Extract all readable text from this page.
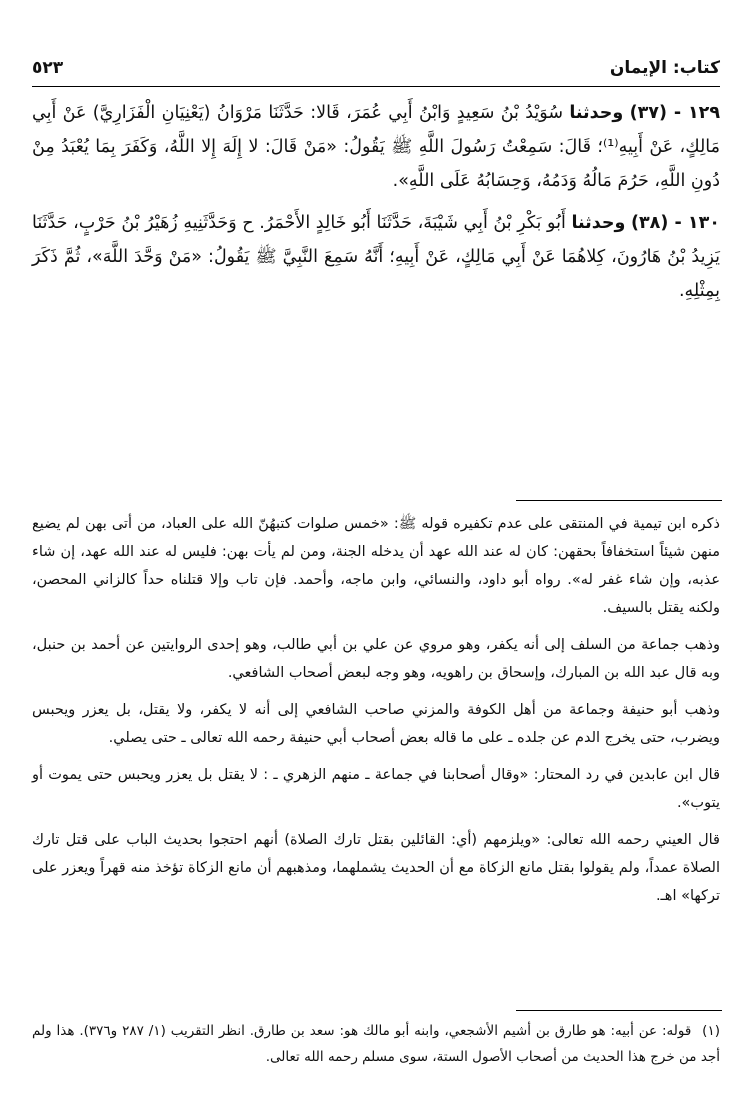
كتاب: الإيمان
٥٢٣
١٢٩ - (٣٧) وحدثنا سُوَيْدُ بْنُ سَعِيدٍ وَابْنُ أَبِي عُمَرَ، قَالا: حَدَّثَنَا مَرْوَانُ (يَعْنِيَانِ الْفَزَارِيَّ) عَنْ أَبِي مَالِكٍ، عَنْ أَبِيهِ⁽¹⁾؛ قَالَ: سَمِعْتُ رَسُولَ اللَّهِ ﷺ يَقُولُ: «مَنْ قَالَ: لا إِلَهَ إِلا اللَّهُ، وَكَفَرَ بِمَا يُعْبَدُ مِنْ دُونِ اللَّهِ، حَرُمَ مَالُهُ وَدَمُهُ، وَحِسَابُهُ عَلَى اللَّهِ».
١٣٠ - (٣٨) وحدثنا أَبُو بَكْرِ بْنُ أَبِي شَيْبَةَ، حَدَّثَنَا أَبُو خَالِدٍ الأَحْمَرُ. ح وَحَدَّثَنِيهِ زُهَيْرُ بْنُ حَرْبٍ، حَدَّثَنَا يَزِيدُ بْنُ هَارُونَ، كِلاهُمَا عَنْ أَبِي مَالِكٍ، عَنْ أَبِيهِ؛ أَنَّهُ سَمِعَ النَّبِيَّ ﷺ يَقُولُ: «مَنْ وَحَّدَ اللَّهَ»، ثُمَّ ذَكَرَ بِمِثْلِهِ.

ذكره ابن تيمية في المنتقى على عدم تكفيره قوله ﷺ: «خمس صلوات كتبهُنّ الله على العباد، من أتى بهن لم يضيع منهن شيئاً استخفافاً بحقهن: كان له عند الله عهد أن يدخله الجنة، ومن لم يأت بهن: فليس له عند الله عهد، إن شاء عذبه، وإن شاء غفر له». رواه أبو داود، والنسائي، وابن ماجه، وأحمد. فإن تاب وإلا قتلناه حداً كالزاني المحصن، ولكنه يقتل بالسيف.

وذهب جماعة من السلف إلى أنه يكفر، وهو مروي عن علي بن أبي طالب، وهو إحدى الروايتين عن أحمد بن حنبل، وبه قال عبد الله بن المبارك، وإسحاق بن راهويه، وهو وجه لبعض أصحاب الشافعي.

وذهب أبو حنيفة وجماعة من أهل الكوفة والمزني صاحب الشافعي إلى أنه لا يكفر، ولا يقتل، بل يعزر ويحبس ويضرب، حتى يخرج الدم عن جلده ـ على ما قاله بعض أصحاب أبي حنيفة رحمه الله تعالى ـ حتى يصلي.

قال ابن عابدين في رد المحتار: «وقال أصحابنا في جماعة ـ منهم الزهري ـ : لا يقتل بل يعزر ويحبس حتى يموت أو يتوب».

قال العيني رحمه الله تعالى: «ويلزمهم (أي: القائلين بقتل تارك الصلاة) أنهم احتجوا بحديث الباب على قتل تارك الصلاة عمداً، ولم يقولوا بقتل مانع الزكاة مع أن الحديث يشملهما، ومذهبهم أن مانع الزكاة تؤخذ منه قهراً ويعزر على تركها» اهـ.

(١) قوله: عن أبيه: هو طارق بن أشيم الأشجعي، وابنه أبو مالك هو: سعد بن طارق. انظر التقريب (١/ ٢٨٧ و٣٧٦). هذا ولم أجد من خرج هذا الحديث من أصحاب الأصول الستة، سوى مسلم رحمه الله تعالى.
